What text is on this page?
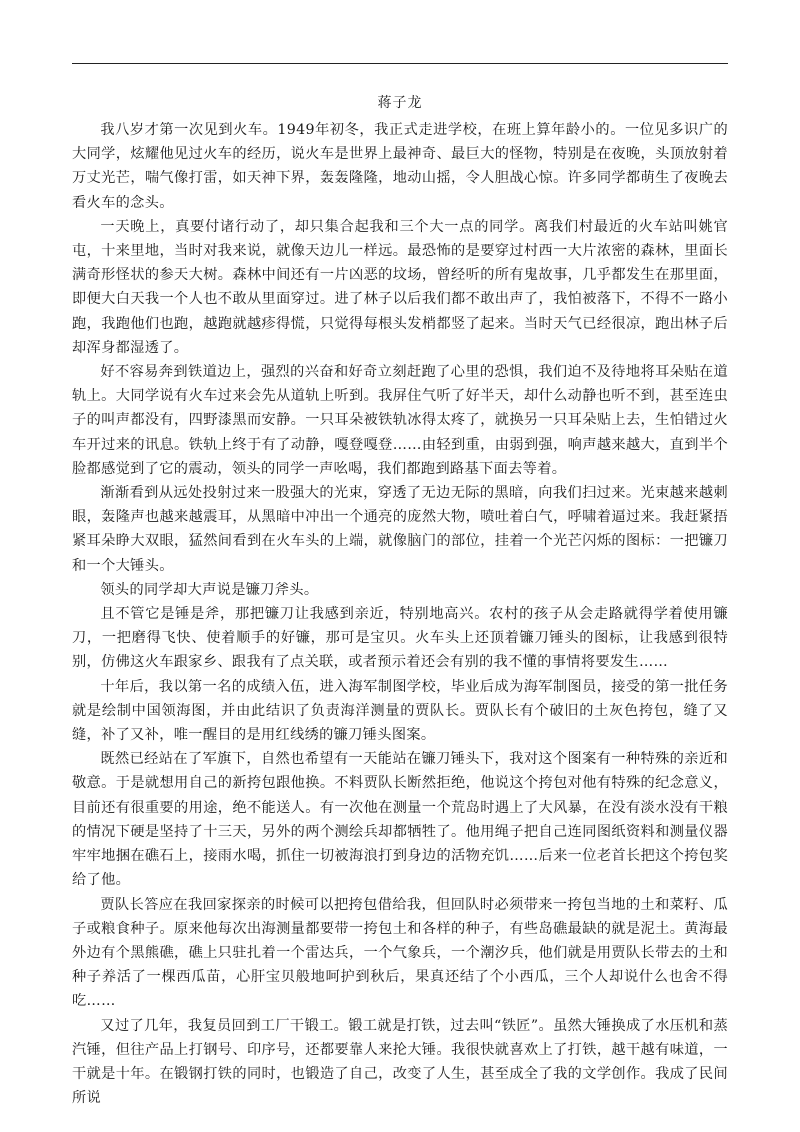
蒋子龙

我八岁才第一次见到火车。1949年初冬，我正式走进学校，在班上算年龄小的。一位见多识广的大同学，炫耀他见过火车的经历，说火车是世界上最神奇、最巨大的怪物，特别是在夜晚，头顶放射着万丈光芒，喘气像打雷，如天神下界，轰轰隆隆，地动山摇，令人胆战心惊。许多同学都萌生了夜晚去看火车的念头。

一天晚上，真要付诸行动了，却只集合起我和三个大一点的同学。离我们村最近的火车站叫姚官屯，十来里地，当时对我来说，就像天边儿一样远。最恐怖的是要穿过村西一大片浓密的森林，里面长满奇形怪状的参天大树。森林中间还有一片凶恶的坟场，曾经听的所有鬼故事，几乎都发生在那里面，即便大白天我一个人也不敢从里面穿过。进了林子以后我们都不敢出声了，我怕被落下，不得不一路小跑，我跑他们也跑，越跑就越疹得慌，只觉得每根头发梢都竖了起来。当时天气已经很凉，跑出林子后却浑身都湿透了。

好不容易奔到铁道边上，强烈的兴奋和好奇立刻赶跑了心里的恐惧，我们迫不及待地将耳朵贴在道轨上。大同学说有火车过来会先从道轨上听到。我屏住气听了好半天，却什么动静也听不到，甚至连虫子的叫声都没有，四野漆黑而安静。一只耳朵被铁轨冰得太疼了，就换另一只耳朵贴上去，生怕错过火车开过来的讯息。铁轨上终于有了动静，嘎登嘎登……由轻到重，由弱到强，响声越来越大，直到半个脸都感觉到了它的震动，领头的同学一声吆喝，我们都跑到路基下面去等着。

渐渐看到从远处投射过来一股强大的光束，穿透了无边无际的黑暗，向我们扫过来。光束越来越刺眼，轰隆声也越来越震耳，从黑暗中冲出一个通亮的庞然大物，喷吐着白气，呼啸着逼过来。我赶紧捂紧耳朵睁大双眼，猛然间看到在火车头的上端，就像脑门的部位，挂着一个光芒闪烁的图标：一把镰刀和一个大锤头。

领头的同学却大声说是镰刀斧头。

且不管它是锤是斧，那把镰刀让我感到亲近，特别地高兴。农村的孩子从会走路就得学着使用镰刀，一把磨得飞快、使着顺手的好镰，那可是宝贝。火车头上还顶着镰刀锤头的图标，让我感到很特别，仿佛这火车跟家乡、跟我有了点关联，或者预示着还会有别的我不懂的事情将要发生……

十年后，我以第一名的成绩入伍，进入海军制图学校，毕业后成为海军制图员，接受的第一批任务就是绘制中国领海图，并由此结识了负责海洋测量的贾队长。贾队长有个破旧的土灰色挎包，缝了又缝，补了又补，唯一醒目的是用红线绣的镰刀锤头图案。

既然已经站在了军旗下，自然也希望有一天能站在镰刀锤头下，我对这个图案有一种特殊的亲近和敬意。于是就想用自己的新挎包跟他换。不料贾队长断然拒绝，他说这个挎包对他有特殊的纪念意义，目前还有很重要的用途，绝不能送人。有一次他在测量一个荒岛时遇上了大风暴，在没有淡水没有干粮的情况下硬是坚持了十三天，另外的两个测绘兵却都牺牲了。他用绳子把自己连同图纸资料和测量仪器牢牢地捆在礁石上，接雨水喝，抓住一切被海浪打到身边的活物充饥……后来一位老首长把这个挎包奖给了他。

贾队长答应在我回家探亲的时候可以把挎包借给我，但回队时必须带来一挎包当地的土和菜籽、瓜子或粮食种子。原来他每次出海测量都要带一挎包土和各样的种子，有些岛礁最缺的就是泥土。黄海最外边有个黑熊礁，礁上只驻扎着一个雷达兵，一个气象兵，一个潮汐兵，他们就是用贾队长带去的土和种子养活了一棵西瓜苗，心肝宝贝般地呵护到秋后，果真还结了个小西瓜，三个人却说什么也舍不得吃……

又过了几年，我复员回到工厂干锻工。锻工就是打铁，过去叫“铁匠”。虽然大锤换成了水压机和蒸汽锤，但往产品上打钢号、印序号，还都要靠人来抡大锤。我很快就喜欢上了打铁，越干越有味道，一干就是十年。在锻钢打铁的同时，也锻造了自己，改变了人生，甚至成全了我的文学创作。我成了民间所说
